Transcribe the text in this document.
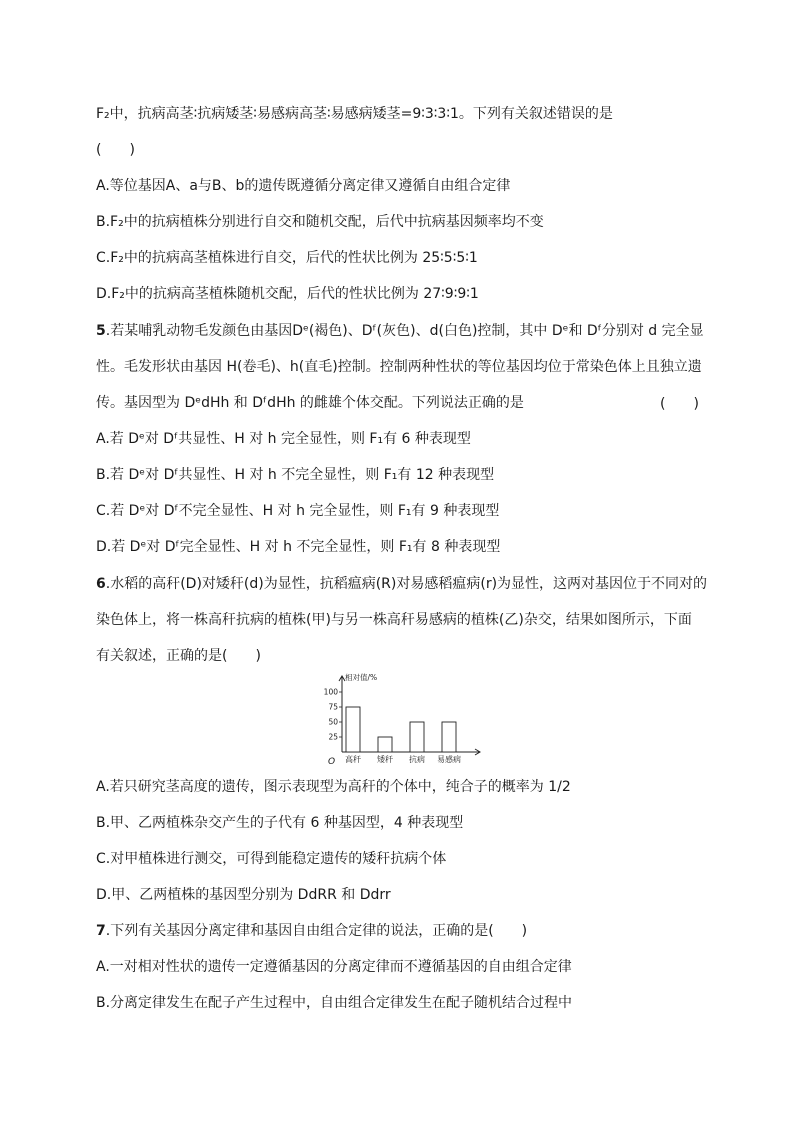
F₂中，抗病高茎∶抗病矮茎∶易感病高茎∶易感病矮茎=9∶3∶3∶1。下列有关叙述错误的是
(　　)
A.等位基因A、a与B、b的遗传既遵循分离定律又遵循自由组合定律
B.F₂中的抗病植株分别进行自交和随机交配，后代中抗病基因频率均不变
C.F₂中的抗病高茎植株进行自交，后代的性状比例为 25∶5∶5∶1
D.F₂中的抗病高茎植株随机交配，后代的性状比例为 27∶9∶9∶1
5.若某哺乳动物毛发颜色由基因Dᵉ(褐色)、Dᶠ(灰色)、d(白色)控制，其中 Dᵉ和 Dᶠ分别对 d 完全显
性。毛发形状由基因 H(卷毛)、h(直毛)控制。控制两种性状的等位基因均位于常染色体上且独立遗
传。基因型为 DᵉdHh 和 DᶠdHh 的雌雄个体交配。下列说法正确的是	(　　)
A.若 Dᵉ对 Dᶠ共显性、H 对 h 完全显性，则 F₁有 6 种表现型
B.若 Dᵉ对 Dᶠ共显性、H 对 h 不完全显性，则 F₁有 12 种表现型
C.若 Dᵉ对 Dᶠ不完全显性、H 对 h 完全显性，则 F₁有 9 种表现型
D.若 Dᵉ对 Dᶠ完全显性、H 对 h 不完全显性，则 F₁有 8 种表现型
6.水稻的高秆(D)对矮秆(d)为显性，抗稻瘟病(R)对易感稻瘟病(r)为显性，这两对基因位于不同对的
染色体上，将一株高秆抗病的植株(甲)与另一株高秆易感病的植株(乙)杂交，结果如图所示，下面
有关叙述，正确的是(　　)
相对值/%
O
25
50
75
100
高秆 矮秆 抗病 易感病
A.若只研究茎高度的遗传，图示表现型为高秆的个体中，纯合子的概率为 1/2
B.甲、乙两植株杂交产生的子代有 6 种基因型，4 种表现型
C.对甲植株进行测交，可得到能稳定遗传的矮秆抗病个体
D.甲、乙两植株的基因型分别为 DdRR 和 Ddrr
7.下列有关基因分离定律和基因自由组合定律的说法，正确的是(　　)
A.一对相对性状的遗传一定遵循基因的分离定律而不遵循基因的自由组合定律
B.分离定律发生在配子产生过程中，自由组合定律发生在配子随机结合过程中
